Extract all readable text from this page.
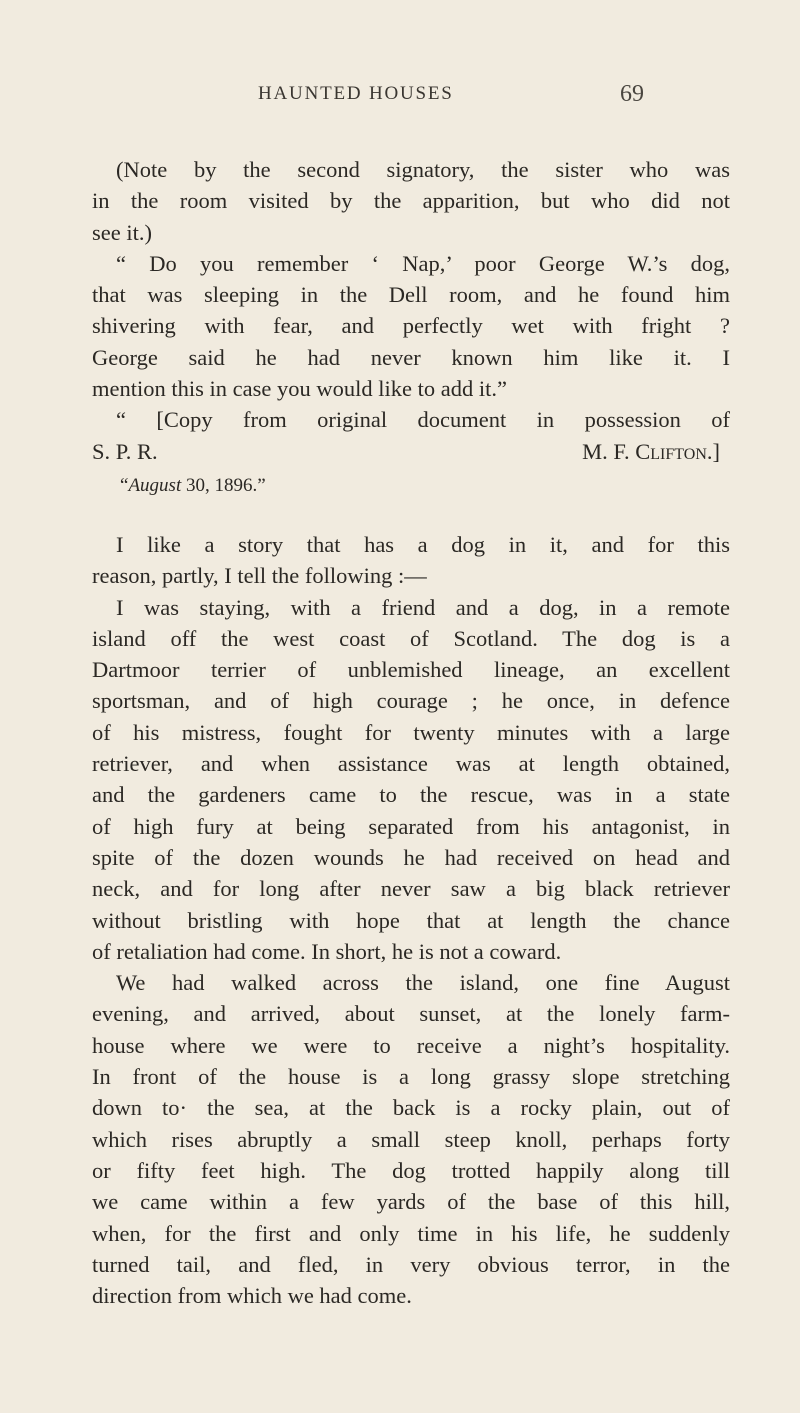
HAUNTED HOUSES	69
(Note by the second signatory, the sister who was
in the room visited by the apparition, but who did not
see it.)
“ Do you remember ‘ Nap,’ poor George W.’s dog,
that was sleeping in the Dell room, and he found him
shivering with fear, and perfectly wet with fright ?
George said he had never known him like it. I
mention this in case you would like to add it.”
“ [Copy from original document in possession of
S. P. R.	M. F. Clifton.]
“August 30, 1896.”
I like a story that has a dog in it, and for this
reason, partly, I tell the following :—
I was staying, with a friend and a dog, in a remote
island off the west coast of Scotland. The dog is a
Dartmoor terrier of unblemished lineage, an excellent
sportsman, and of high courage ; he once, in defence
of his mistress, fought for twenty minutes with a large
retriever, and when assistance was at length obtained,
and the gardeners came to the rescue, was in a state
of high fury at being separated from his antagonist, in
spite of the dozen wounds he had received on head and
neck, and for long after never saw a big black retriever
without bristling with hope that at length the chance
of retaliation had come. In short, he is not a coward.
We had walked across the island, one fine August
evening, and arrived, about sunset, at the lonely farm-
house where we were to receive a night’s hospitality.
In front of the house is a long grassy slope stretching
down to· the sea, at the back is a rocky plain, out of
which rises abruptly a small steep knoll, perhaps forty
or fifty feet high. The dog trotted happily along till
we came within a few yards of the base of this hill,
when, for the first and only time in his life, he suddenly
turned tail, and fled, in very obvious terror, in the
direction from which we had come.
